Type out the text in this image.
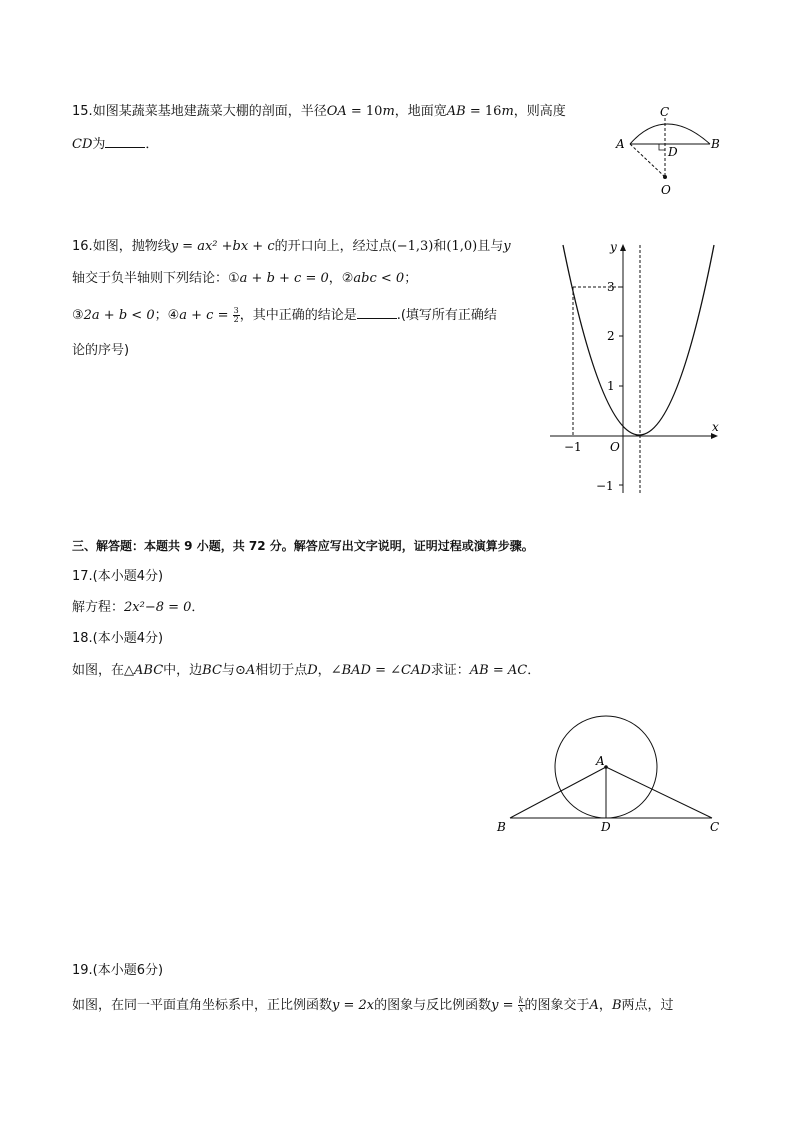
15.如图某蔬菜基地建蔬菜大棚的剖面，半径OA = 10m，地面宽AB = 16m，则高度
CD为	．
C
A	B
D
O
16.如图，抛物线y = ax² +bx + c的开口向上，经过点(−1,3)和(1,0)且与y
轴交于负半轴则下列结论：①a + b + c = 0，②abc < 0；
③2a + b < 0；④a + $c = \frac{3}{2}$ ，其中正确的结论是	.(填写所有正确结
论的序号)
x
y
O
3
2
1
−1
−1
三、解答题：本题共 9 小题，共 72 分。解答应写出文字说明，证明过程或演算步骤。
17.(本小题4分)
解方程：2x²−8 = 0．
18.(本小题4分)
如图，在△ABC中，边BC与⊙A相切于点D，∠BAD = ∠CAD求证：AB = AC．
A
B	D	C
19.(本小题6分)
如图，在同一平面直角坐标系中，正比例函数y = 2x的图象与反比例函数$y = \frac{k}{x}$ 的图象交于A，B两点，过
